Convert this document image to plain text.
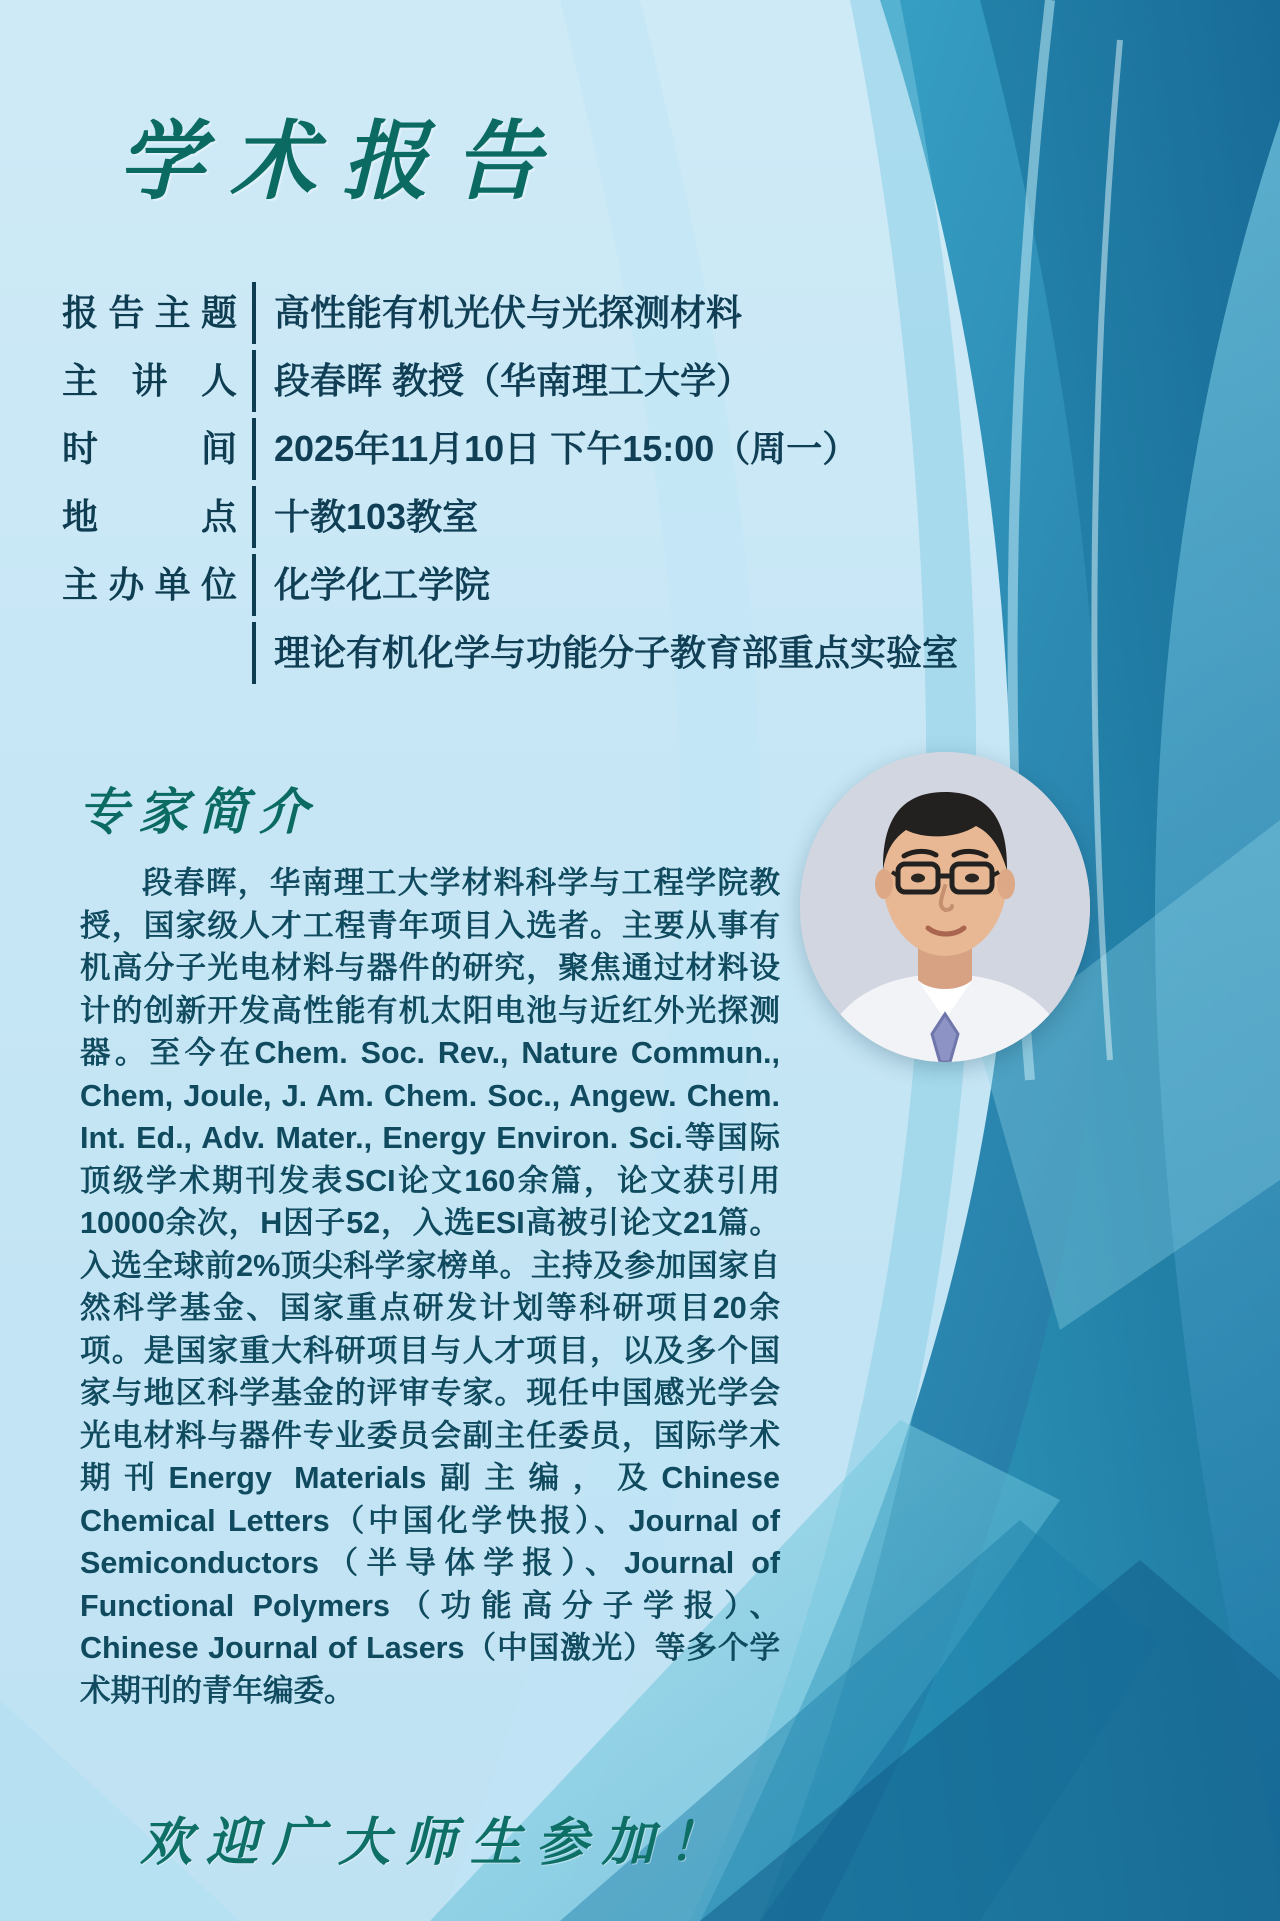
学术报告
报告主题	高性能有机光伏与光探测材料
主讲人	段春晖 教授（华南理工大学）
时间	2025年11月10日 下午15:00（周一）
地点	十教103教室
主办单位	化学化工学院
理论有机化学与功能分子教育部重点实验室
专家简介
段春晖，华南理工大学材料科学与工程学院教授，国家级人才工程青年项目入选者。主要从事有机高分子光电材料与器件的研究，聚焦通过材料设计的创新开发高性能有机太阳电池与近红外光探测器。至今在Chem. Soc. Rev., Nature Commun., Chem, Joule, J. Am. Chem. Soc., Angew. Chem. Int. Ed., Adv. Mater., Energy Environ. Sci.等国际顶级学术期刊发表SCI论文160余篇，论文获引用10000余次，H因子52，入选ESI高被引论文21篇。入选全球前2%顶尖科学家榜单。主持及参加国家自然科学基金、国家重点研发计划等科研项目20余项。是国家重大科研项目与人才项目，以及多个国家与地区科学基金的评审专家。现任中国感光学会光电材料与器件专业委员会副主任委员，国际学术期刊Energy Materials副主编，及Chinese Chemical Letters（中国化学快报）、Journal of Semiconductors（半导体学报）、Journal of Functional Polymers（功能高分子学报）、Chinese Journal of Lasers（中国激光）等多个学术期刊的青年编委。
欢迎广大师生参加！
